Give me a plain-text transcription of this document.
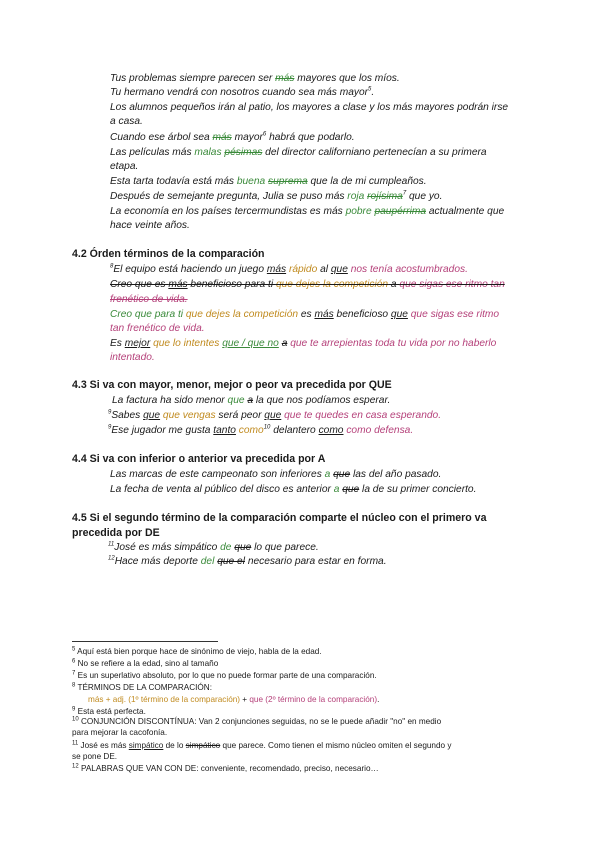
Tus problemas siempre parecen ser más mayores que los míos.
Tu hermano vendrá con nosotros cuando sea más mayor$^5$.
Los alumnos pequeños irán al patio, los mayores a clase y los más mayores podrán irse
a casa.
Cuando ese árbol sea más mayor$^6$ habrá que podarlo.
Las películas más malas pésimas del director californiano pertenecían a su primera
etapa.
Esta tarta todavía está más buena suprema que la de mi cumpleaños.
Después de semejante pregunta, Julia se puso más roja rojísima$^7$ que yo.
La economía en los países tercermundistas es más pobre paupérrima actualmente que
hace veinte años.
4.2 Órden términos de la comparación
$^8$El equipo está haciendo un juego más rápido al que nos tenía acostumbrados.
Creo que es más beneficioso para ti que dejes la competición a que sigas ese ritmo tan
frenético de vida.
Creo que para ti que dejes la competición es más beneficioso que que sigas ese ritmo
tan frenético de vida.
Es mejor que lo intentes que / que no a que te arrepientas toda tu vida por no haberlo
intentado.
4.3 Si va con mayor, menor, mejor o peor va precedida por QUE
La factura ha sido menor que a la que nos podíamos esperar.
$^9$Sabes que que vengas será peor que que te quedes en casa esperando.
$^9$Ese jugador me gusta tanto como$^{10}$ delantero como como defensa.
4.4 Si va con inferior o anterior va precedida por A
Las marcas de este campeonato son inferiores a que las del año pasado.
La fecha de venta al público del disco es anterior a que la de su primer concierto.
4.5 Si el segundo término de la comparación comparte el núcleo con el primero va
precedida por DE
$^{11}$José es más simpático de que lo que parece.
$^{12}$Hace más deporte del que el necesario para estar en forma.
$^5$ Aquí está bien porque hace de sinónimo de viejo, habla de la edad.
$^6$ No se refiere a la edad, sino al tamaño
$^7$ Es un superlativo absoluto, por lo que no puede formar parte de una comparación.
$^8$ TÉRMINOS DE LA COMPARACIÓN:
más + adj. (1º término de la comparación) + que (2º término de la comparación).
$^9$ Esta está perfecta.
$^{10}$ CONJUNCIÓN DISCONTÍNUA: Van 2 conjunciones seguidas, no se le puede añadir "no" en medio
para mejorar la cacofonía.
$^{11}$ José es más simpático de lo simpático que parece. Como tienen el mismo núcleo omiten el segundo y
se pone DE.
$^{12}$ PALABRAS QUE VAN CON DE: conveniente, recomendado, preciso, necesario…
